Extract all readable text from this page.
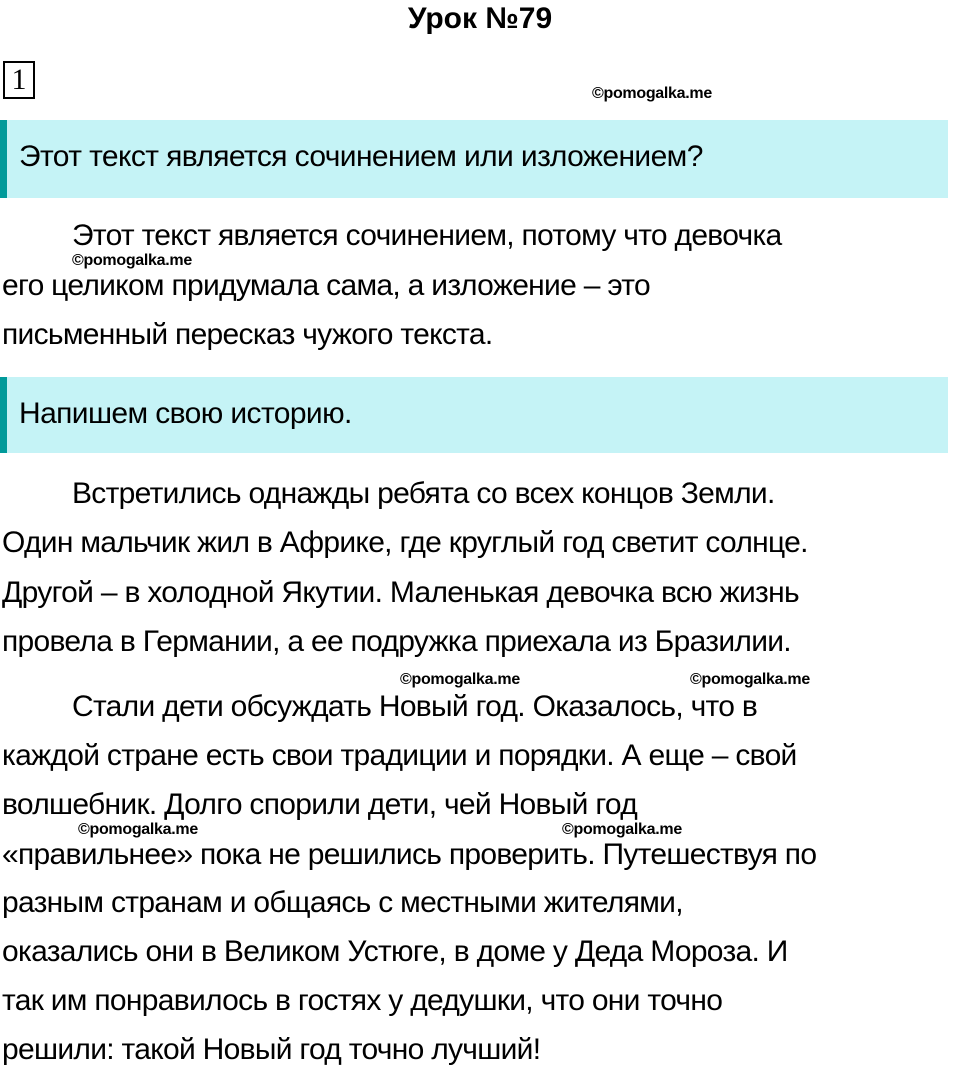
Урок №79
1	©pomogalka.me
©pomogalka.me
©pomogalka.me	©pomogalka.me
©pomogalka.me	©pomogalka.me
Этот текст является сочинением или изложением?
Этот текст является сочинением, потому что девочка
его целиком придумала сама, а изложение – это
письменный пересказ чужого текста.
Напишем свою историю.
Встретились однажды ребята со всех концов Земли.
Один мальчик жил в Африке, где круглый год светит солнце.
Другой – в холодной Якутии. Маленькая девочка всю жизнь
провела в Германии, а ее подружка приехала из Бразилии.
Стали дети обсуждать Новый год. Оказалось, что в
каждой стране есть свои традиции и порядки. А еще – свой
волшебник. Долго спорили дети, чей Новый год
«правильнее» пока не решились проверить. Путешествуя по
разным странам и общаясь с местными жителями,
оказались они в Великом Устюге, в доме у Деда Мороза. И
так им понравилось в гостях у дедушки, что они точно
решили: такой Новый год точно лучший!
